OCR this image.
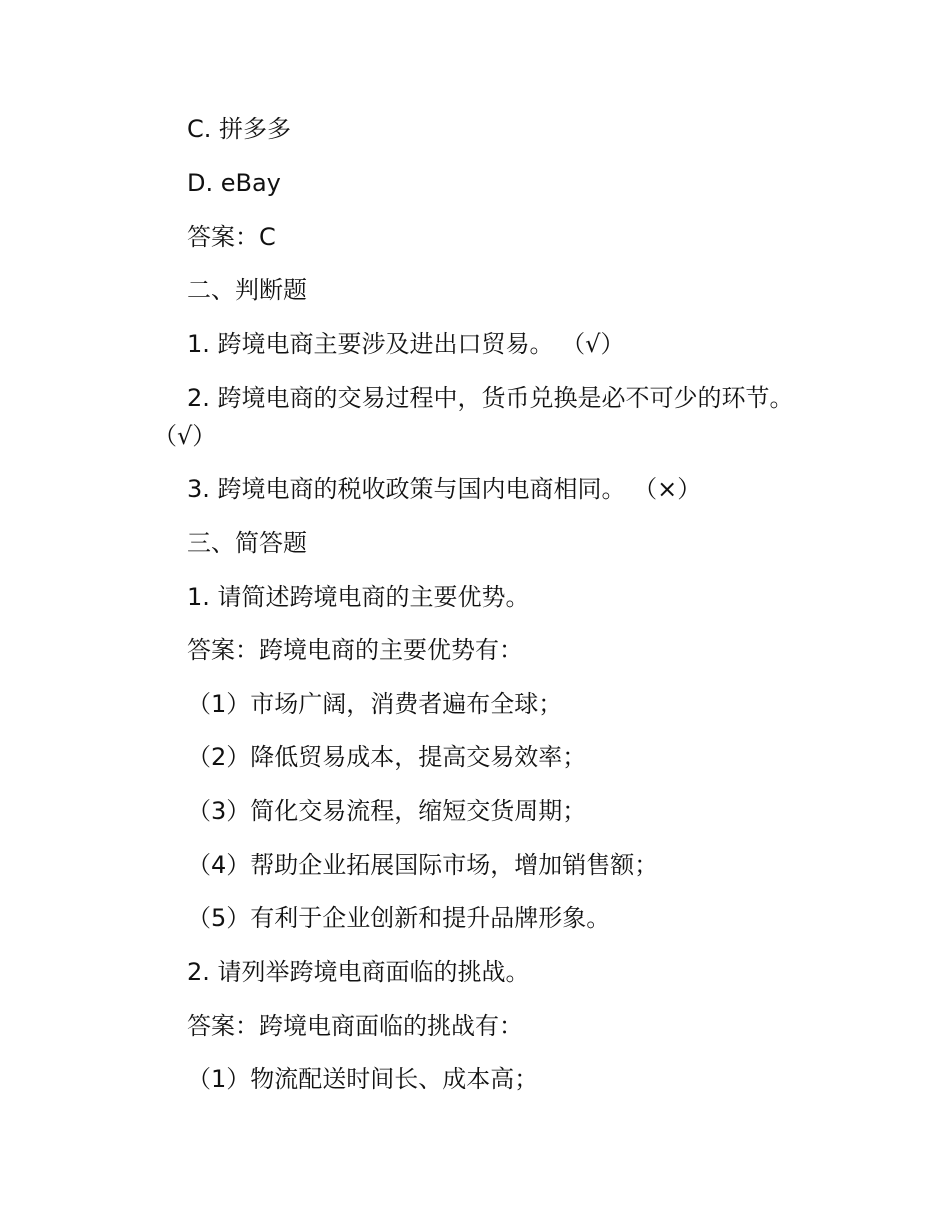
C. 拼多多
D. eBay
答案：C
二、判断题
1. 跨境电商主要涉及进出口贸易。 （√）
2. 跨境电商的交易过程中，货币兑换是必不可少的环节。
（√）
3. 跨境电商的税收政策与国内电商相同。 （×）
三、简答题
1. 请简述跨境电商的主要优势。
答案：跨境电商的主要优势有：
（1）市场广阔，消费者遍布全球；
（2）降低贸易成本，提高交易效率；
（3）简化交易流程，缩短交货周期；
（4）帮助企业拓展国际市场，增加销售额；
（5）有利于企业创新和提升品牌形象。
2. 请列举跨境电商面临的挑战。
答案：跨境电商面临的挑战有：
（1）物流配送时间长、成本高；
